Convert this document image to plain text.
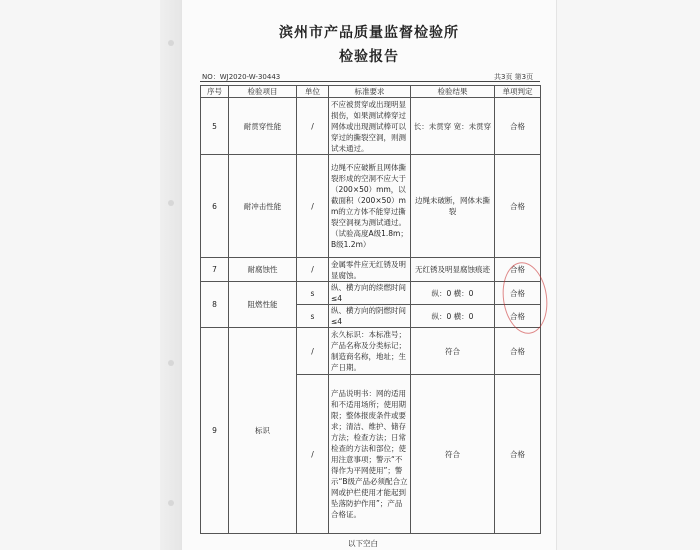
滨州市产品质量监督检验所
检验报告
NO：WJ2020-W-30443	共3页 第3页
序号	检验项目	单位	标准要求	检验结果	单项判定
5	耐贯穿性能	/	不应被贯穿或出现明显损伤，如果测试棒穿过网体或出现测试棒可以穿过的撕裂空洞，则测试未通过。	长：未贯穿 宽：未贯穿	合格
6	耐冲击性能	/	边绳不应破断且网体撕裂形成的空洞不应大于（200×50）mm，以截面积（200×50）mm的立方体不能穿过撕裂空洞视为测试通过。（试验高度A级1.8m；B级1.2m）	边绳未破断，网体未撕裂	合格
7	耐腐蚀性	/	金属零件应无红锈及明显腐蚀。	无红锈及明显腐蚀痕迹	合格
8	阻燃性能	s	纵、横方向的续燃时间≤4	纵：0 横：0	合格
		s	纵、横方向的阴燃时间≤4	纵：0 横：0	合格
9	标识	/	永久标识：本标准号；产品名称及分类标记；制造商名称，地址；生产日期。	符合	合格
		/	产品说明书：网的适用和不适用场所；使用期限；整体报废条件或要求；清洁、维护、储存方法；检查方法；日常检查的方法和部位；使用注意事项；警示“不得作为平网使用”；警示“B级产品必须配合立网或护栏使用才能起到坠落防护作用”；产品合格证。	符合	合格
以下空白
